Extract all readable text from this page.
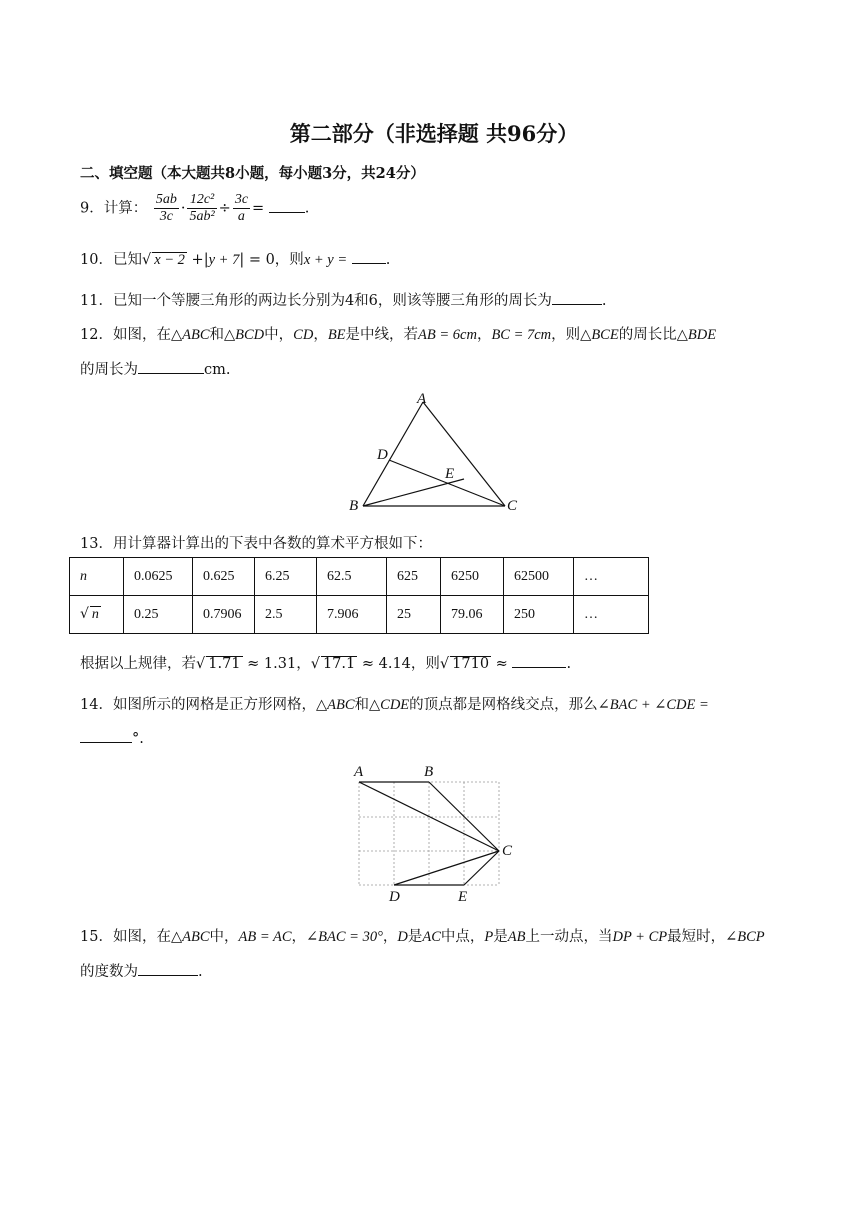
第二部分（非选择题 共96分）
二、填空题（本大题共8小题，每小题3分，共24分）
9．计算： $\frac{5ab}{3c} \cdot \frac{\text{12c²}}{\text{5ab²}} \div \frac{3c}{a}$ =	.
10．已知√ x − 2 +|y + 7| = 0，则x + y =	.
11．已知一个等腰三角形的两边长分别为4和6，则该等腰三角形的周长为	.
12．如图，在△ABC和△BCD中，CD，BE是中线，若AB = 6cm，BC = 7cm，则△BCE的周长比△BDE
的周长为	cm.
A
B	C
D
E
13．用计算器计算出的下表中各数的算术平方根如下：
n	0.0625	0.625	6.25	62.5	625	6250	62500	…
√ n	0.25	0.7906	2.5	7.906	25	79.06	250	…
根据以上规律，若√ 1.71 ≈ 1.31，√ 17.1 ≈ 4.14，则√ 1710 ≈	.
14．如图所示的网格是正方形网格，△ABC和△CDE的顶点都是网格线交点，那么∠BAC + ∠CDE =
°.
A	B
C
D	E
15．如图，在△ABC中，AB = AC，∠BAC = 30°，D是AC中点，P是AB上一动点，当DP + CP最短时，∠BCP
的度数为	.
